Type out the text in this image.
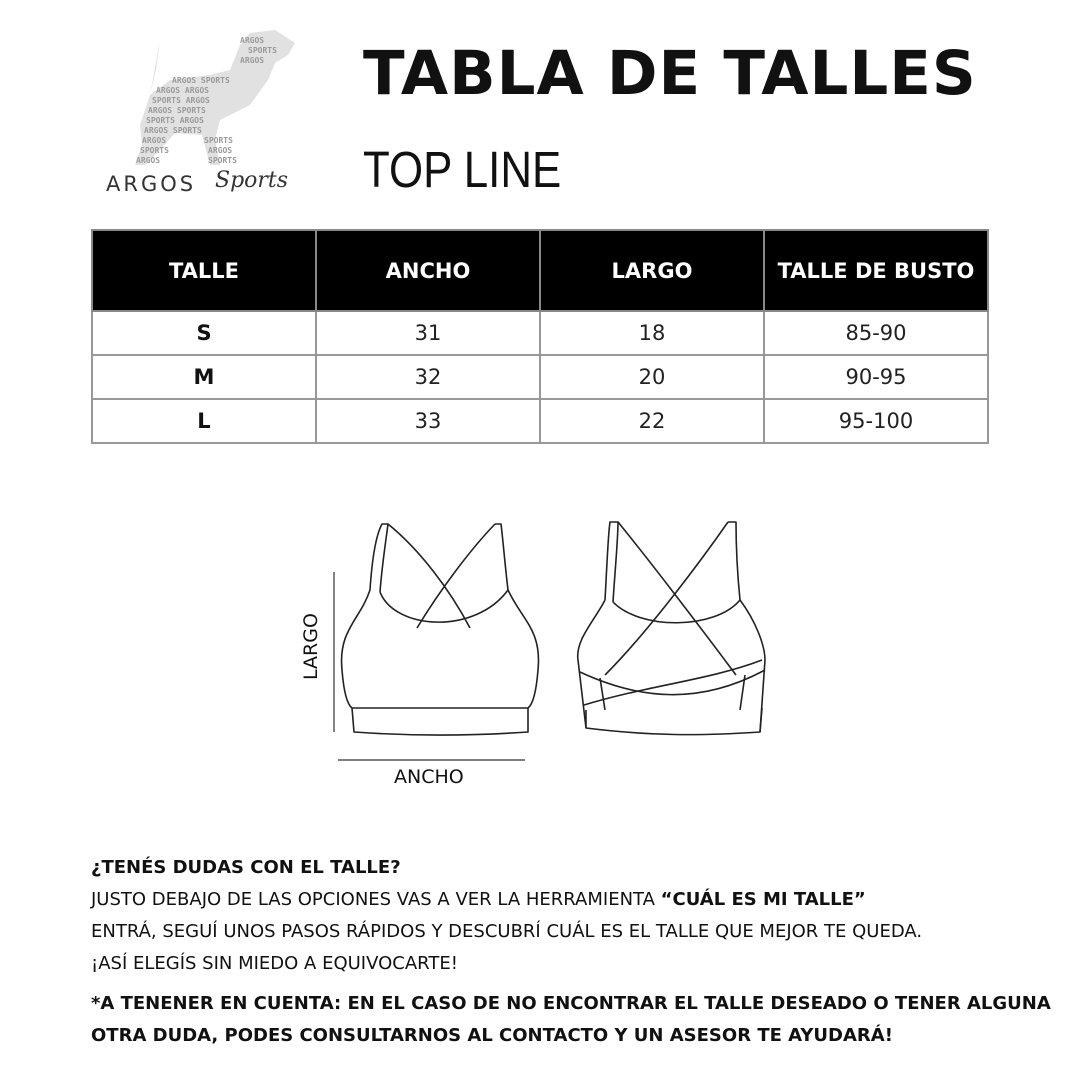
ARGOS
SPORTS
ARGOS
ARGOS SPORTS
ARGOS ARGOS
SPORTS ARGOS
ARGOS SPORTS
SPORTS ARGOS
ARGOS SPORTS
ARGOS	SPORTS
SPORTS	ARGOS
ARGOS	SPORTS
ARGOS Sports
TABLA DE TALLES
TOP LINE
TALLE	ANCHO	LARGO	TALLE DE BUSTO
S	31	18	85-90
M	32	20	90-95
L	33	22	95-100
LARGO
ANCHO
¿TENÉS DUDAS CON EL TALLE?
JUSTO DEBAJO DE LAS OPCIONES VAS A VER LA HERRAMIENTA “CUÁL ES MI TALLE”
ENTRÁ, SEGUÍ UNOS PASOS RÁPIDOS Y DESCUBRÍ CUÁL ES EL TALLE QUE MEJOR TE QUEDA.
¡ASÍ ELEGÍS SIN MIEDO A EQUIVOCARTE!
*A TENENER EN CUENTA: EN EL CASO DE NO ENCONTRAR EL TALLE DESEADO O TENER ALGUNA OTRA DUDA, PODES CONSULTARNOS AL CONTACTO Y UN ASESOR TE AYUDARÁ!
